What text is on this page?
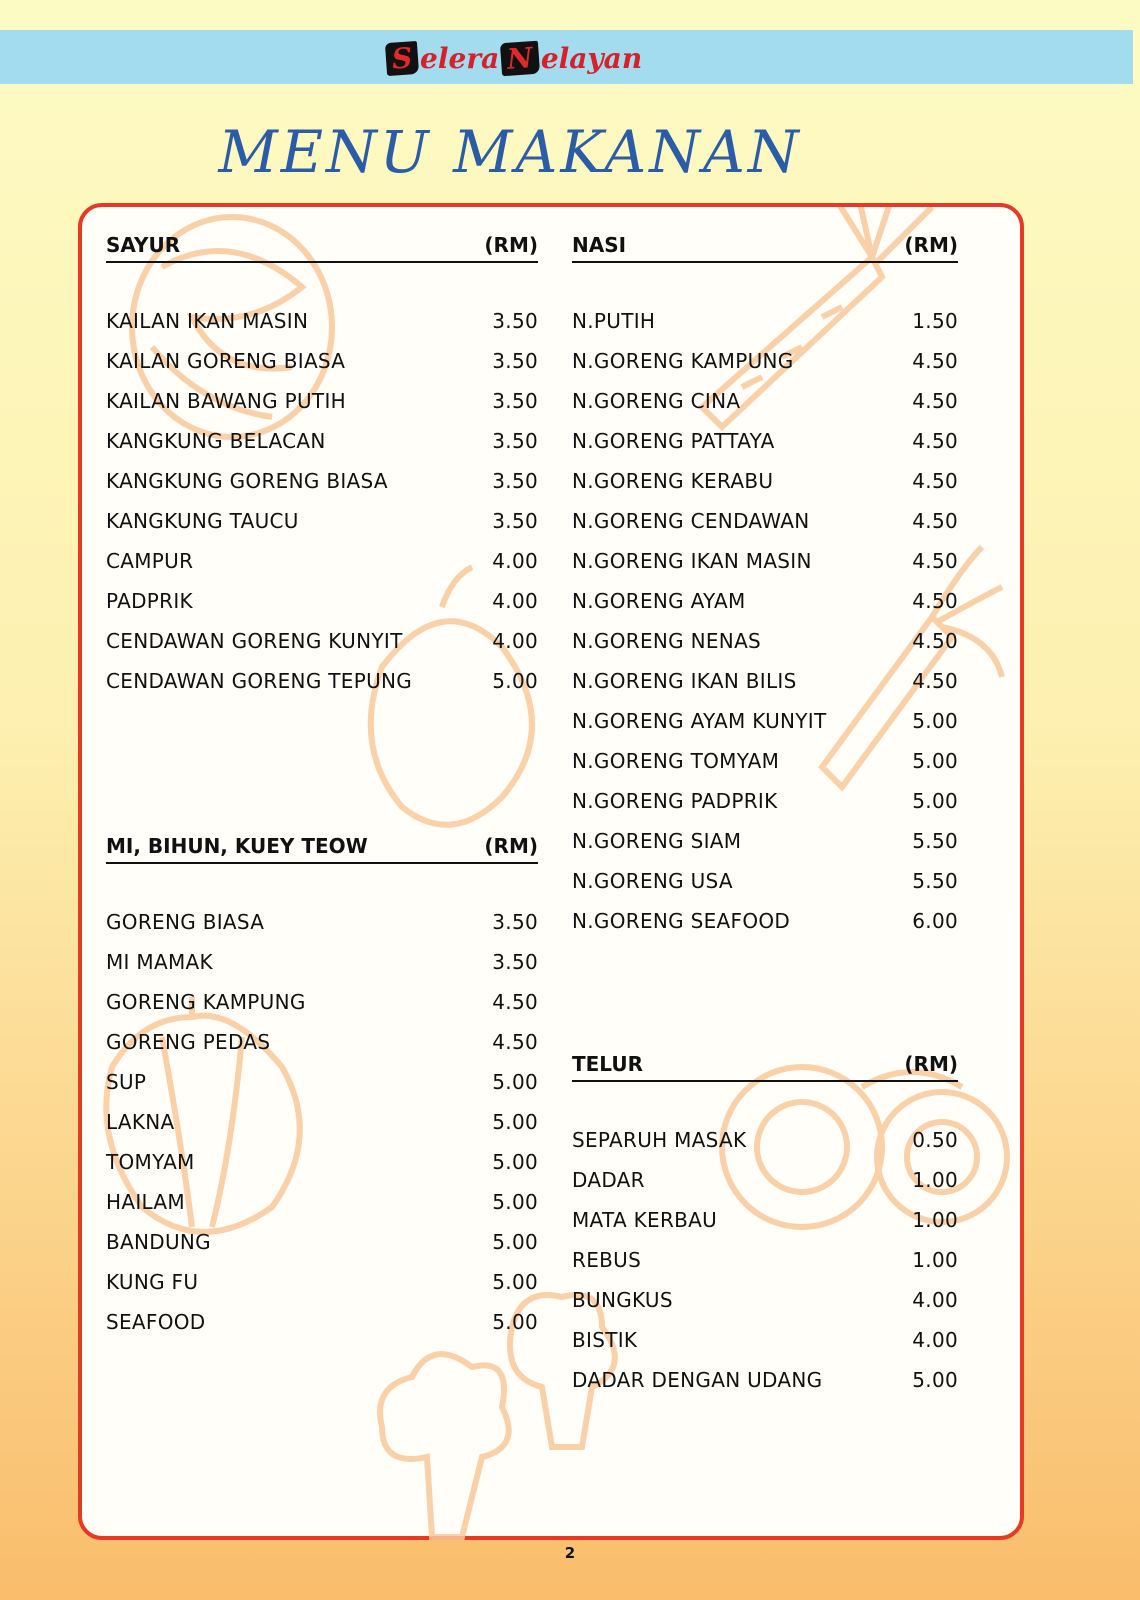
S elera N elayan
MENU MAKANAN
SAYUR	(RM)
KAILAN IKAN MASIN	3.50
KAILAN GORENG BIASA	3.50
KAILAN BAWANG PUTIH	3.50
KANGKUNG BELACAN	3.50
KANGKUNG GORENG BIASA	3.50
KANGKUNG TAUCU	3.50
CAMPUR	4.00
PADPRIK	4.00
CENDAWAN GORENG KUNYIT	4.00
CENDAWAN GORENG TEPUNG	5.00
MI, BIHUN, KUEY TEOW	(RM)
GORENG BIASA	3.50
MI MAMAK	3.50
GORENG KAMPUNG	4.50
GORENG PEDAS	4.50
SUP	5.00
LAKNA	5.00
TOMYAM	5.00
HAILAM	5.00
BANDUNG	5.00
KUNG FU	5.00
SEAFOOD	5.00
NASI	(RM)
N.PUTIH	1.50
N.GORENG KAMPUNG	4.50
N.GORENG CINA	4.50
N.GORENG PATTAYA	4.50
N.GORENG KERABU	4.50
N.GORENG CENDAWAN	4.50
N.GORENG IKAN MASIN	4.50
N.GORENG AYAM	4.50
N.GORENG NENAS	4.50
N.GORENG IKAN BILIS	4.50
N.GORENG AYAM KUNYIT	5.00
N.GORENG TOMYAM	5.00
N.GORENG PADPRIK	5.00
N.GORENG SIAM	5.50
N.GORENG USA	5.50
N.GORENG SEAFOOD	6.00
TELUR	(RM)
SEPARUH MASAK	0.50
DADAR	1.00
MATA KERBAU	1.00
REBUS	1.00
BUNGKUS	4.00
BISTIK	4.00
DADAR DENGAN UDANG	5.00
2
